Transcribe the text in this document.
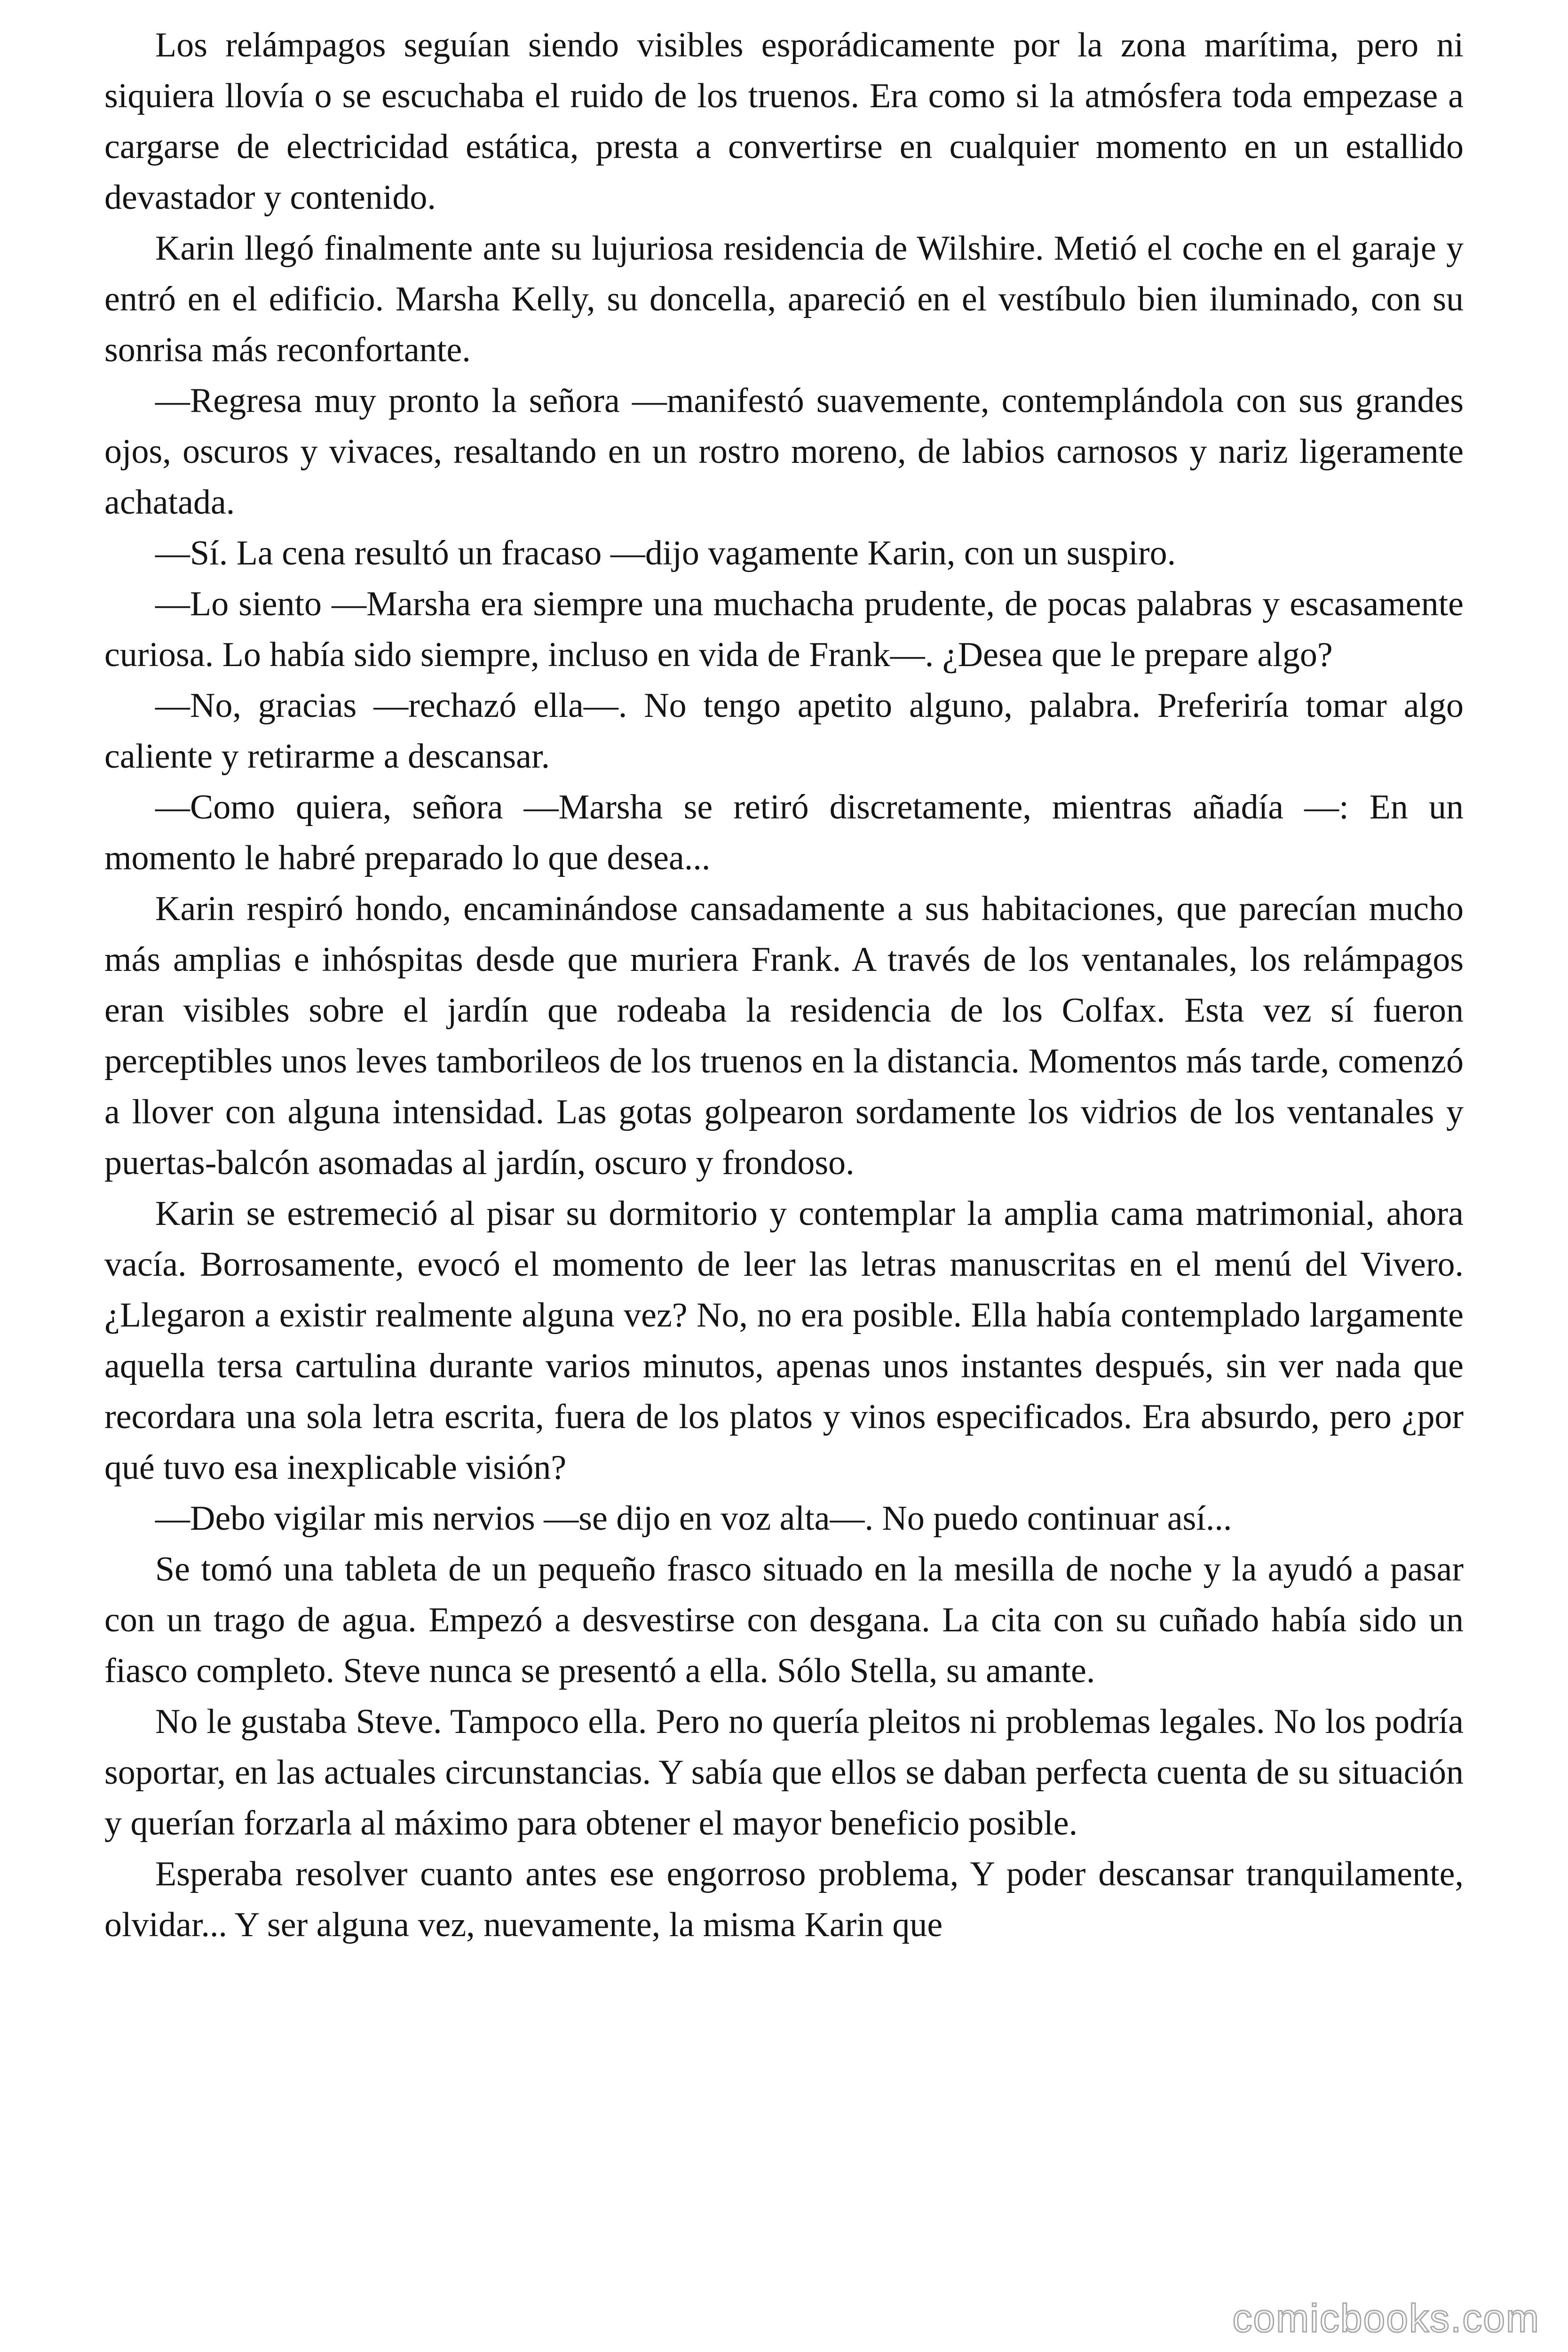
Los relámpagos seguían siendo visibles esporádicamente por la zona marítima, pero ni siquiera llovía o se escuchaba el ruido de los truenos. Era como si la atmósfera toda empezase a cargarse de electricidad estática, presta a convertirse en cualquier momento en un estallido devastador y contenido.

Karin llegó finalmente ante su lujuriosa residencia de Wilshire. Metió el coche en el garaje y entró en el edificio. Marsha Kelly, su doncella, apareció en el vestíbulo bien iluminado, con su sonrisa más reconfortante.

—Regresa muy pronto la señora —manifestó suavemente, contemplándola con sus grandes ojos, oscuros y vivaces, resaltando en un rostro moreno, de labios carnosos y nariz ligeramente achatada.

—Sí. La cena resultó un fracaso —dijo vagamente Karin, con un suspiro.

—Lo siento —Marsha era siempre una muchacha prudente, de pocas palabras y escasamente curiosa. Lo había sido siempre, incluso en vida de Frank—. ¿Desea que le prepare algo?

—No, gracias —rechazó ella—. No tengo apetito alguno, palabra. Preferiría tomar algo caliente y retirarme a descansar.

—Como quiera, señora —Marsha se retiró discretamente, mientras añadía —: En un momento le habré preparado lo que desea...

Karin respiró hondo, encaminándose cansadamente a sus habitaciones, que parecían mucho más amplias e inhóspitas desde que muriera Frank. A través de los ventanales, los relámpagos eran visibles sobre el jardín que rodeaba la residencia de los Colfax. Esta vez sí fueron perceptibles unos leves tamborileos de los truenos en la distancia. Momentos más tarde, comenzó a llover con alguna intensidad. Las gotas golpearon sordamente los vidrios de los ventanales y puertas-balcón asomadas al jardín, oscuro y frondoso.

Karin se estremeció al pisar su dormitorio y contemplar la amplia cama matrimonial, ahora vacía. Borrosamente, evocó el momento de leer las letras manuscritas en el menú del Vivero. ¿Llegaron a existir realmente alguna vez? No, no era posible. Ella había contemplado largamente aquella tersa cartulina durante varios minutos, apenas unos instantes después, sin ver nada que recordara una sola letra escrita, fuera de los platos y vinos especificados. Era absurdo, pero ¿por qué tuvo esa inexplicable visión?

—Debo vigilar mis nervios —se dijo en voz alta—. No puedo continuar así...

Se tomó una tableta de un pequeño frasco situado en la mesilla de noche y la ayudó a pasar con un trago de agua. Empezó a desvestirse con desgana. La cita con su cuñado había sido un fiasco completo. Steve nunca se presentó a ella. Sólo Stella, su amante.

No le gustaba Steve. Tampoco ella. Pero no quería pleitos ni problemas legales. No los podría soportar, en las actuales circunstancias. Y sabía que ellos se daban perfecta cuenta de su situación y querían forzarla al máximo para obtener el mayor beneficio posible.

Esperaba resolver cuanto antes ese engorroso problema, Y poder descansar tranquilamente, olvidar... Y ser alguna vez, nuevamente, la misma Karin que

comicbooks.com
